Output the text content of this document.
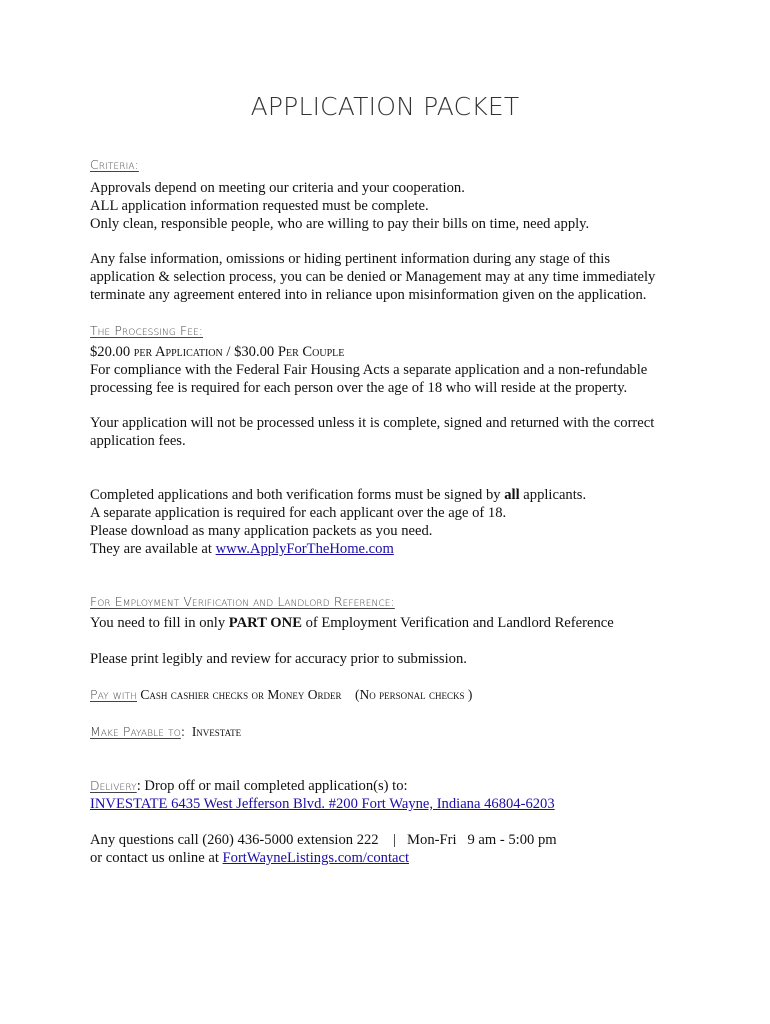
APPLICATION PACKET
Criteria:
Approvals depend on meeting our criteria and your cooperation.
ALL application information requested must be complete.
Only clean, responsible people, who are willing to pay their bills on time, need apply.
Any false information, omissions or hiding pertinent information during any stage of this
application & selection process, you can be denied or Management may at any time immediately
terminate any agreement entered into in reliance upon misinformation given on the application.
The Processing Fee:
$20.00 per Application / $30.00 Per Couple
For compliance with the Federal Fair Housing Acts a separate application and a non-refundable
processing fee is required for each person over the age of 18 who will reside at the property.
Your application will not be processed unless it is complete, signed and returned with the correct
application fees.
Completed applications and both verification forms must be signed by all applicants.
A separate application is required for each applicant over the age of 18.
Please download as many application packets as you need.
They are available at www.ApplyForTheHome.com
For Employment Verification and Landlord Reference:
You need to fill in only PART ONE of Employment Verification and Landlord Reference
Please print legibly and review for accuracy prior to submission.
Pay with Cash cashier checks or Money Order    (No personal checks )
Make Payable to:  Investate
Delivery: Drop off or mail completed application(s) to:
INVESTATE 6435 West Jefferson Blvd. #200 Fort Wayne, Indiana 46804-6203
Any questions call (260) 436-5000 extension 222    |   Mon-Fri   9 am - 5:00 pm
or contact us online at FortWayneListings.com/contact
